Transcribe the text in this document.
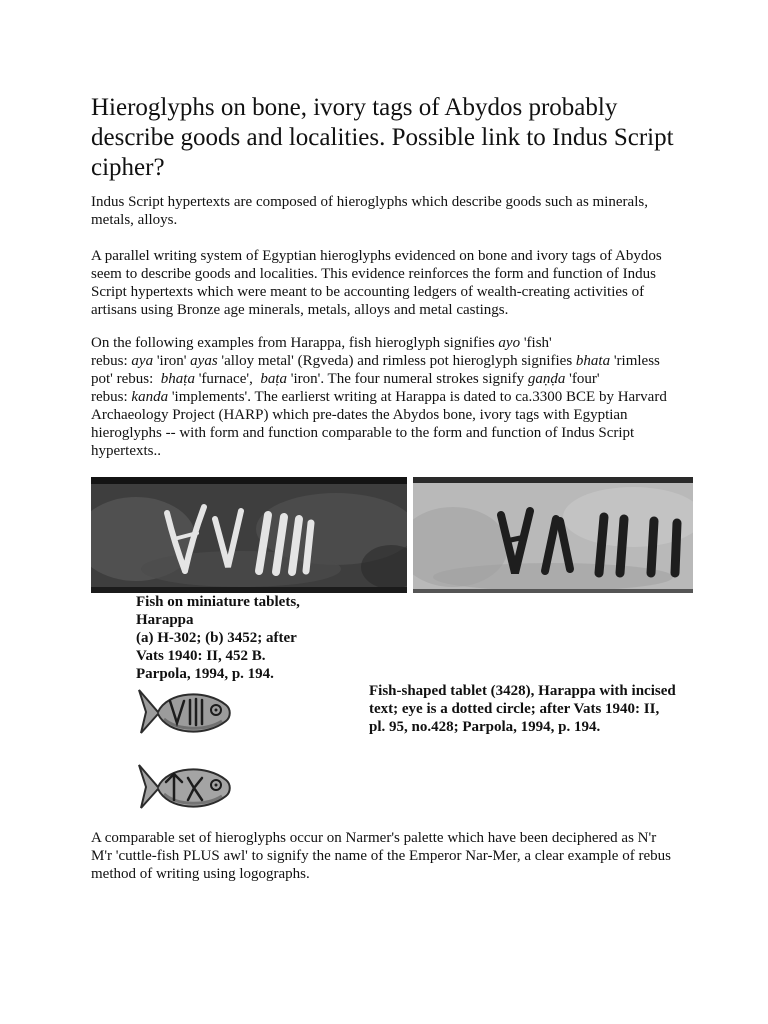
Hieroglyphs on bone, ivory tags of Abydos probably
describe goods and localities. Possible link to Indus Script
cipher?
Indus Script hypertexts are composed of hieroglyphs which describe goods such as minerals,
metals, alloys.
A parallel writing system of Egyptian hieroglyphs evidenced on bone and ivory tags of Abydos
seem to describe goods and localities. This evidence reinforces the form and function of Indus
Script hypertexts which were meant to be accounting ledgers of wealth-creating activities of
artisans using Bronze age minerals, metals, alloys and metal castings.
On the following examples from Harappa, fish hieroglyph signifies ayo 'fish'
rebus: aya 'iron' ayas 'alloy metal' (Rgveda) and rimless pot hieroglyph signifies bhata 'rimless
pot' rebus:  bhaṭa 'furnace',  baṭa 'iron'. The four numeral strokes signify gaṇḍa 'four'
rebus: kanda 'implements'. The earlierst writing at Harappa is dated to ca.3300 BCE by Harvard
Archaeology Project (HARP) which pre-dates the Abydos bone, ivory tags with Egyptian
hieroglyphs -- with form and function comparable to the form and function of Indus Script
hypertexts..
Fish on miniature tablets,
Harappa
(a) H-302; (b) 3452; after
Vats 1940: II, 452 B.
Parpola, 1994, p. 194.
Fish-shaped tablet (3428), Harappa with incised
text; eye is a dotted circle; after Vats 1940: II,
pl. 95, no.428; Parpola, 1994, p. 194.
A comparable set of hieroglyphs occur on Narmer's palette which have been deciphered as N'r
M'r 'cuttle-fish PLUS awl' to signify the name of the Emperor Nar-Mer, a clear example of rebus
method of writing using logographs.
